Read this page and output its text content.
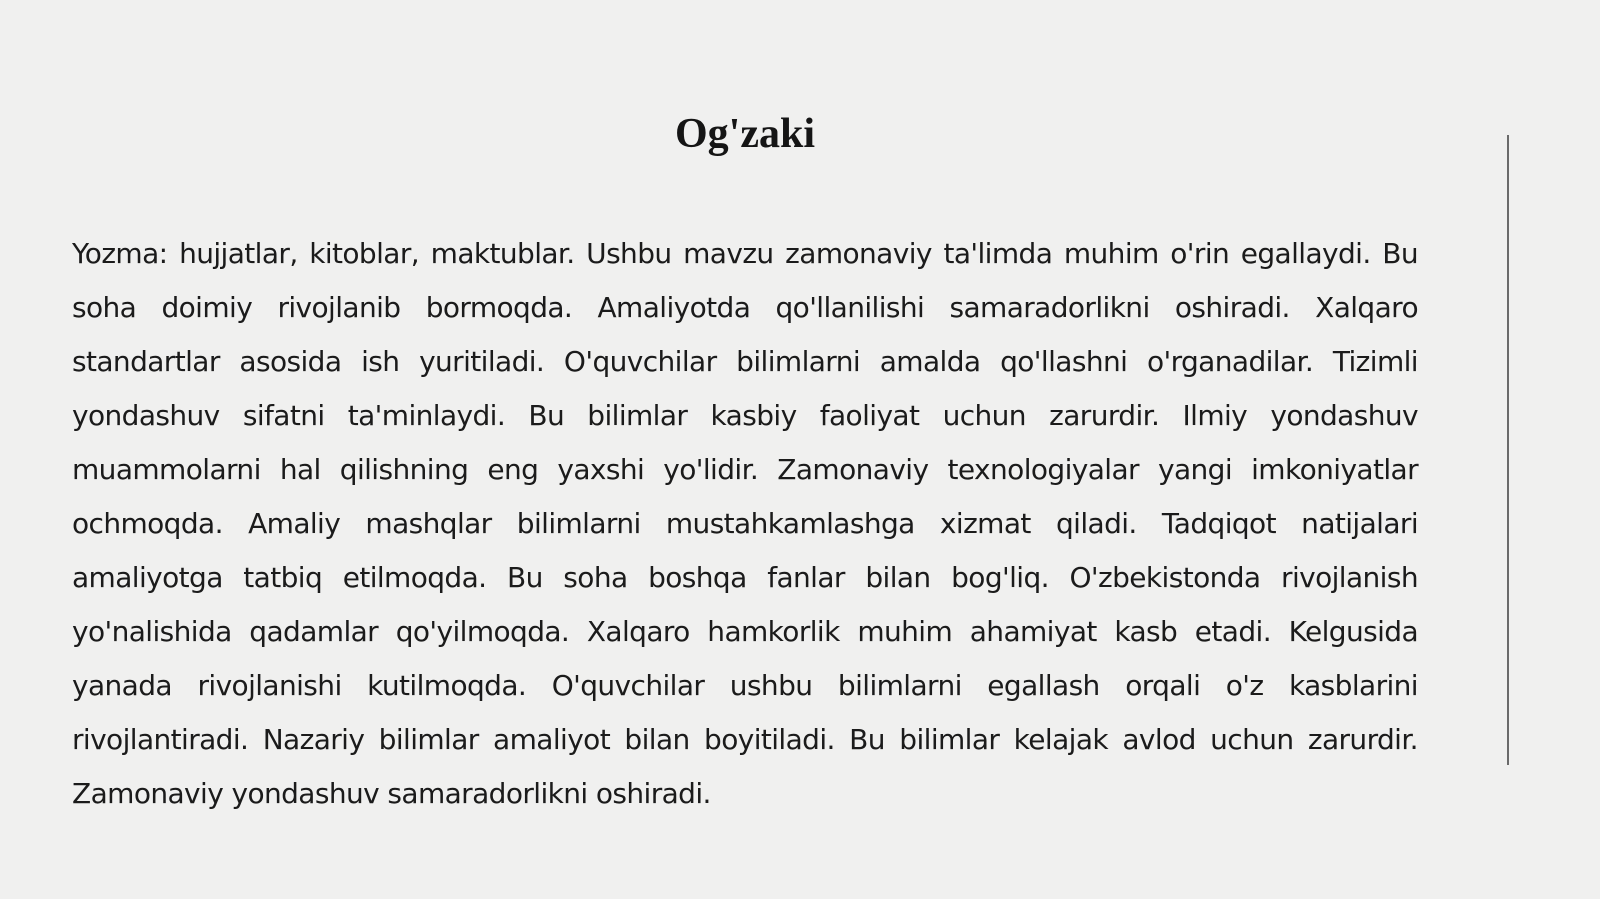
Og'zaki

Yozma: hujjatlar, kitoblar, maktublar. Ushbu mavzu zamonaviy ta'limda muhim o'rin egallaydi. Bu soha doimiy rivojlanib bormoqda. Amaliyotda qo'llanilishi samaradorlikni oshiradi. Xalqaro standartlar asosida ish yuritiladi. O'quvchilar bilimlarni amalda qo'llashni o'rganadilar. Tizimli yondashuv sifatni ta'minlaydi. Bu bilimlar kasbiy faoliyat uchun zarurdir. Ilmiy yondashuv muammolarni hal qilishning eng yaxshi yo'lidir. Zamonaviy texnologiyalar yangi imkoniyatlar ochmoqda. Amaliy mashqlar bilimlarni mustahkamlashga xizmat qiladi. Tadqiqot natijalari amaliyotga tatbiq etilmoqda. Bu soha boshqa fanlar bilan bog'liq. O'zbekistonda rivojlanish yo'nalishida qadamlar qo'yilmoqda. Xalqaro hamkorlik muhim ahamiyat kasb etadi. Kelgusida yanada rivojlanishi kutilmoqda. O'quvchilar ushbu bilimlarni egallash orqali o'z kasblarini rivojlantiradi. Nazariy bilimlar amaliyot bilan boyitiladi. Bu bilimlar kelajak avlod uchun zarurdir. Zamonaviy yondashuv samaradorlikni oshiradi.
